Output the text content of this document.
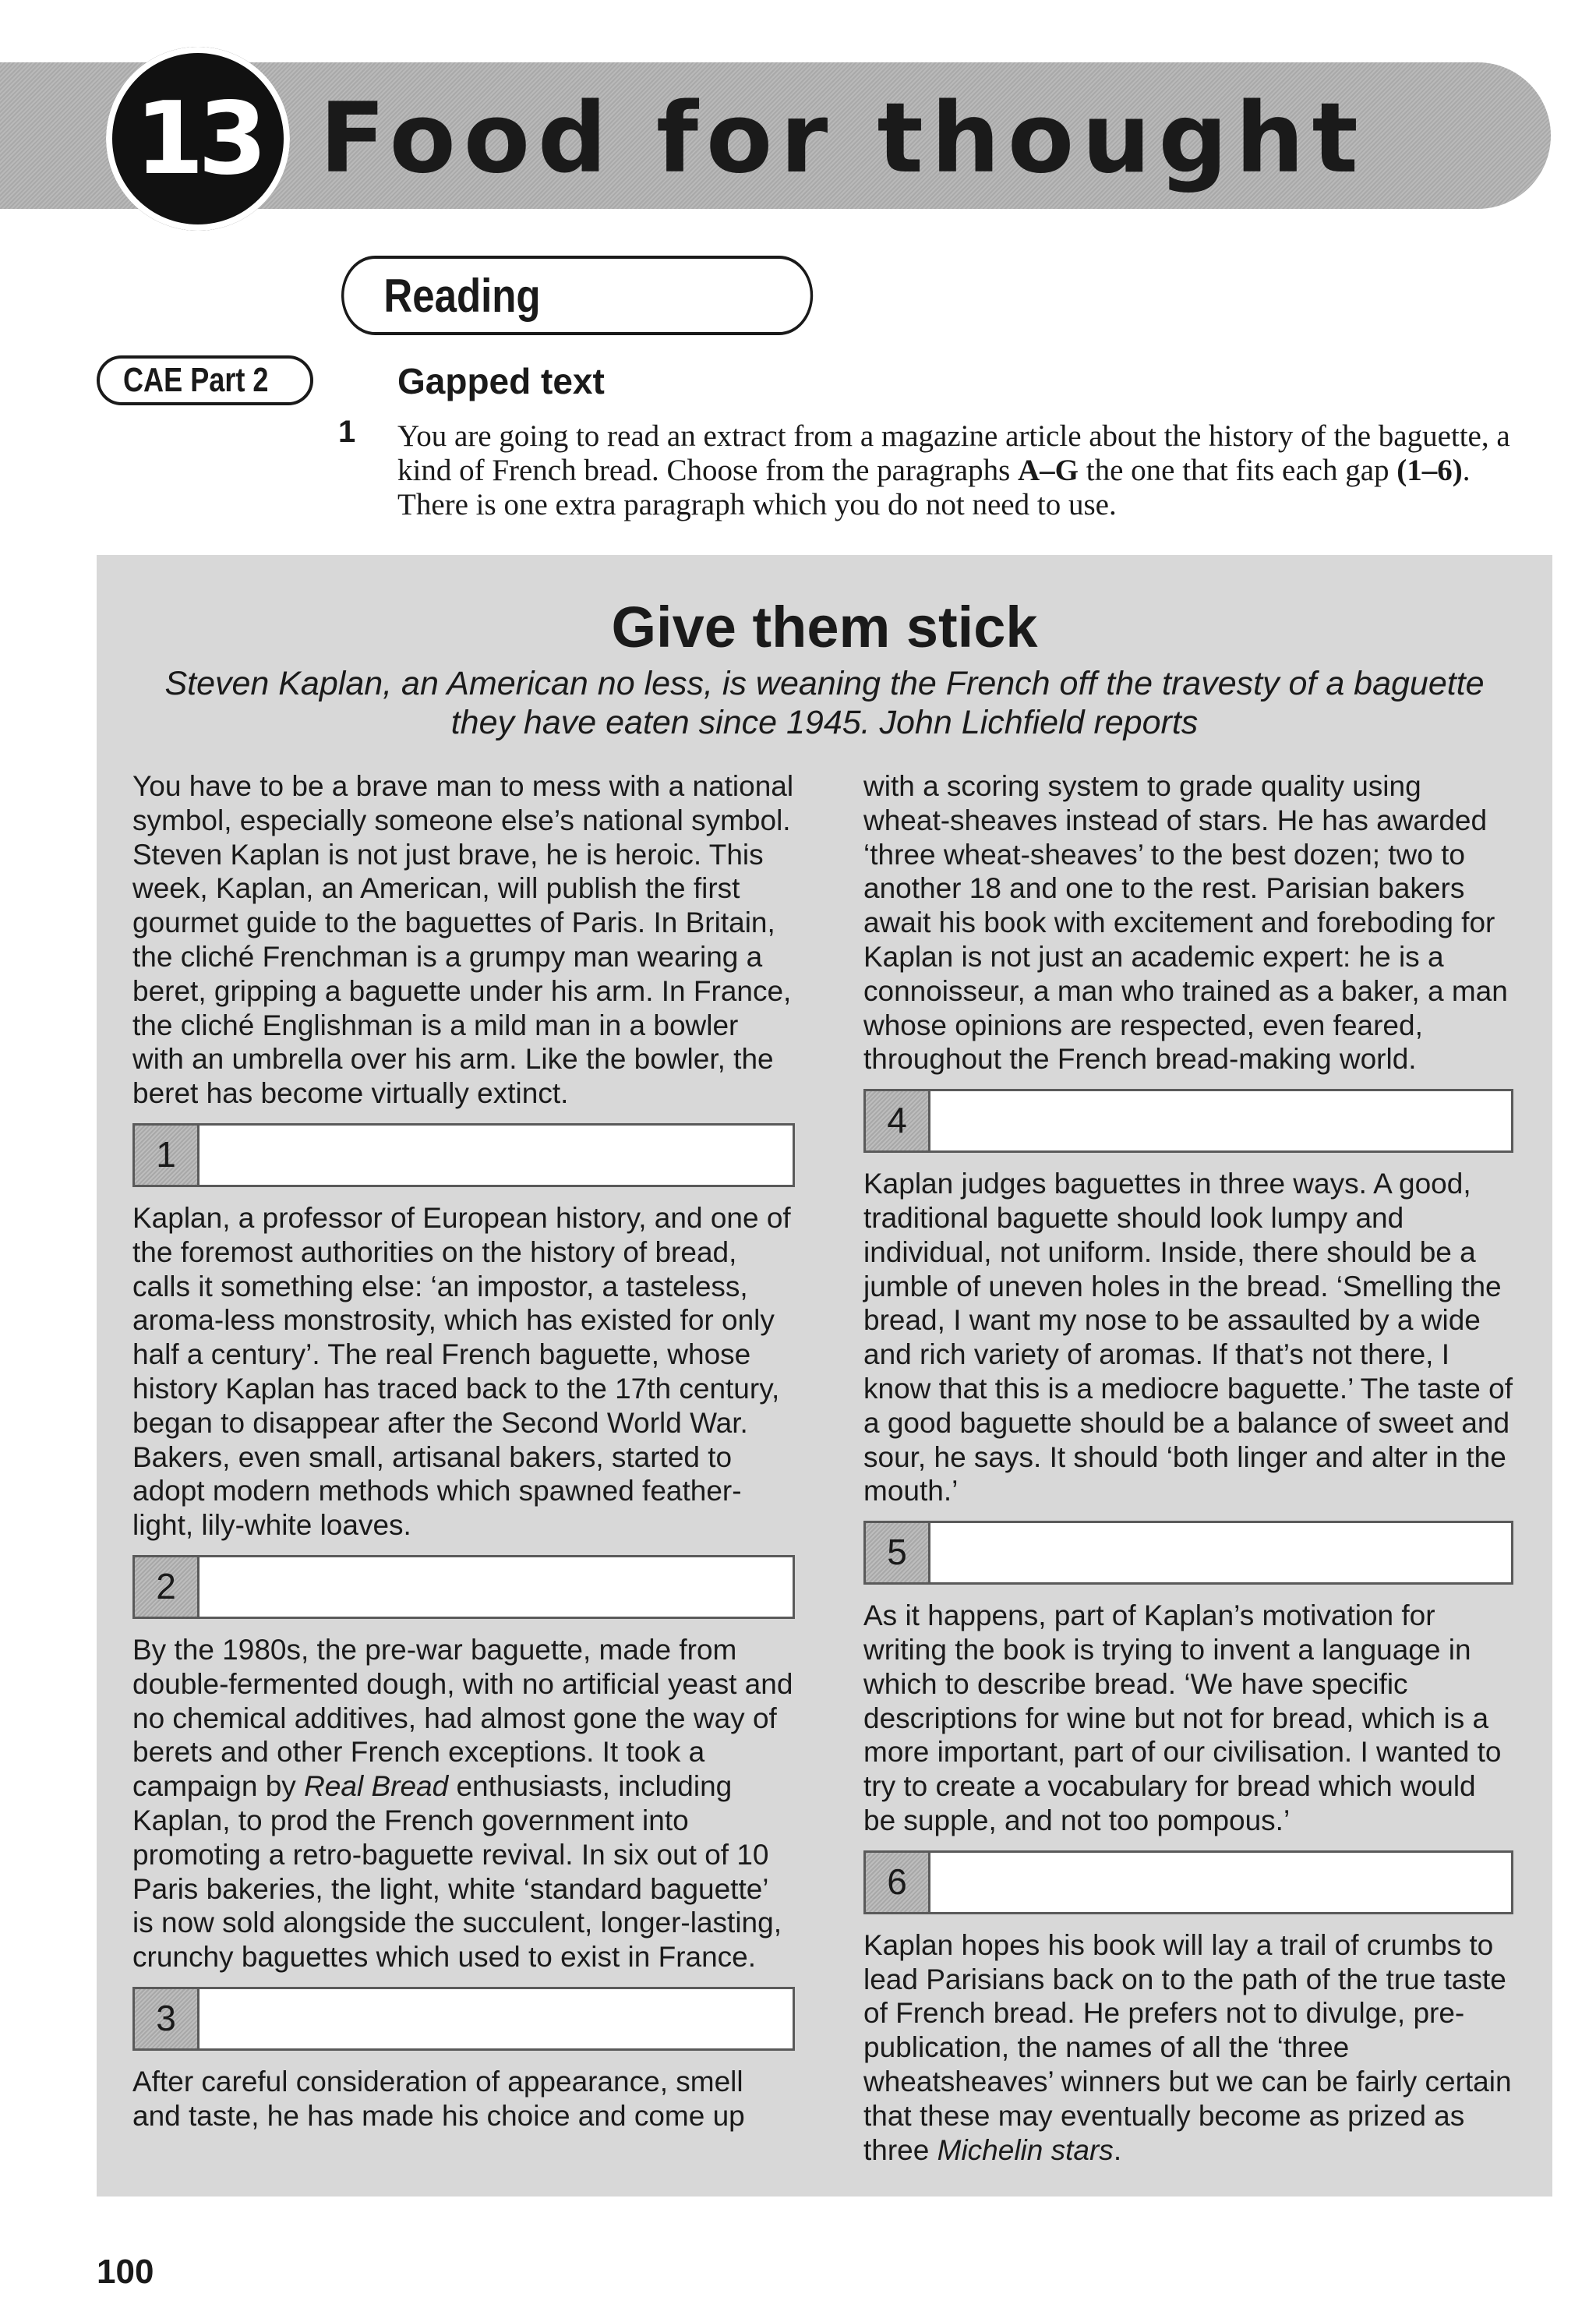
Food for thought
13
Reading
CAE Part 2	Gapped text
1 You are going to read an extract from a magazine article about the history of the baguette, a kind of French bread. Choose from the paragraphs A–G the one that fits each gap (1–6). There is one extra paragraph which you do not need to use.
Give them stick
Steven Kaplan, an American no less, is weaning the French off the travesty of a baguette they have eaten since 1945. John Lichfield reports

You have to be a brave man to mess with a national symbol, especially someone else’s national symbol. Steven Kaplan is not just brave, he is heroic. This week, Kaplan, an American, will publish the first gourmet guide to the baguettes of Paris. In Britain, the cliché Frenchman is a grumpy man wearing a beret, gripping a baguette under his arm. In France, the cliché Englishman is a mild man in a bowler with an umbrella over his arm. Like the bowler, the beret has become virtually extinct.

1

Kaplan, a professor of European history, and one of the foremost authorities on the history of bread, calls it something else: ‘an impostor, a tasteless, aroma-less monstrosity, which has existed for only half a century’. The real French baguette, whose history Kaplan has traced back to the 17th century, began to disappear after the Second World War. Bakers, even small, artisanal bakers, started to adopt modern methods which spawned feather-light, lily-white loaves.

2

By the 1980s, the pre-war baguette, made from double-fermented dough, with no artificial yeast and no chemical additives, had almost gone the way of berets and other French exceptions. It took a campaign by Real Bread enthusiasts, including Kaplan, to prod the French government into promoting a retro-baguette revival. In six out of 10 Paris bakeries, the light, white ‘standard baguette’ is now sold alongside the succulent, longer-lasting, crunchy baguettes which used to exist in France.

3

After careful consideration of appearance, smell and taste, he has made his choice and come up

with a scoring system to grade quality using wheat-sheaves instead of stars. He has awarded ‘three wheat-sheaves’ to the best dozen; two to another 18 and one to the rest. Parisian bakers await his book with excitement and foreboding for Kaplan is not just an academic expert: he is a connoisseur, a man who trained as a baker, a man whose opinions are respected, even feared, throughout the French bread-making world.

4

Kaplan judges baguettes in three ways. A good, traditional baguette should look lumpy and individual, not uniform. Inside, there should be a jumble of uneven holes in the bread. ‘Smelling the bread, I want my nose to be assaulted by a wide and rich variety of aromas. If that’s not there, I know that this is a mediocre baguette.’ The taste of a good baguette should be a balance of sweet and sour, he says. It should ‘both linger and alter in the mouth.’

5

As it happens, part of Kaplan’s motivation for writing the book is trying to invent a language in which to describe bread. ‘We have specific descriptions for wine but not for bread, which is a more important, part of our civilisation. I wanted to try to create a vocabulary for bread which would be supple, and not too pompous.’

6

Kaplan hopes his book will lay a trail of crumbs to lead Parisians back on to the path of the true taste of French bread. He prefers not to divulge, pre-publication, the names of all the ‘three wheatsheaves’ winners but we can be fairly certain that these may eventually become as prized as three Michelin stars.

100
